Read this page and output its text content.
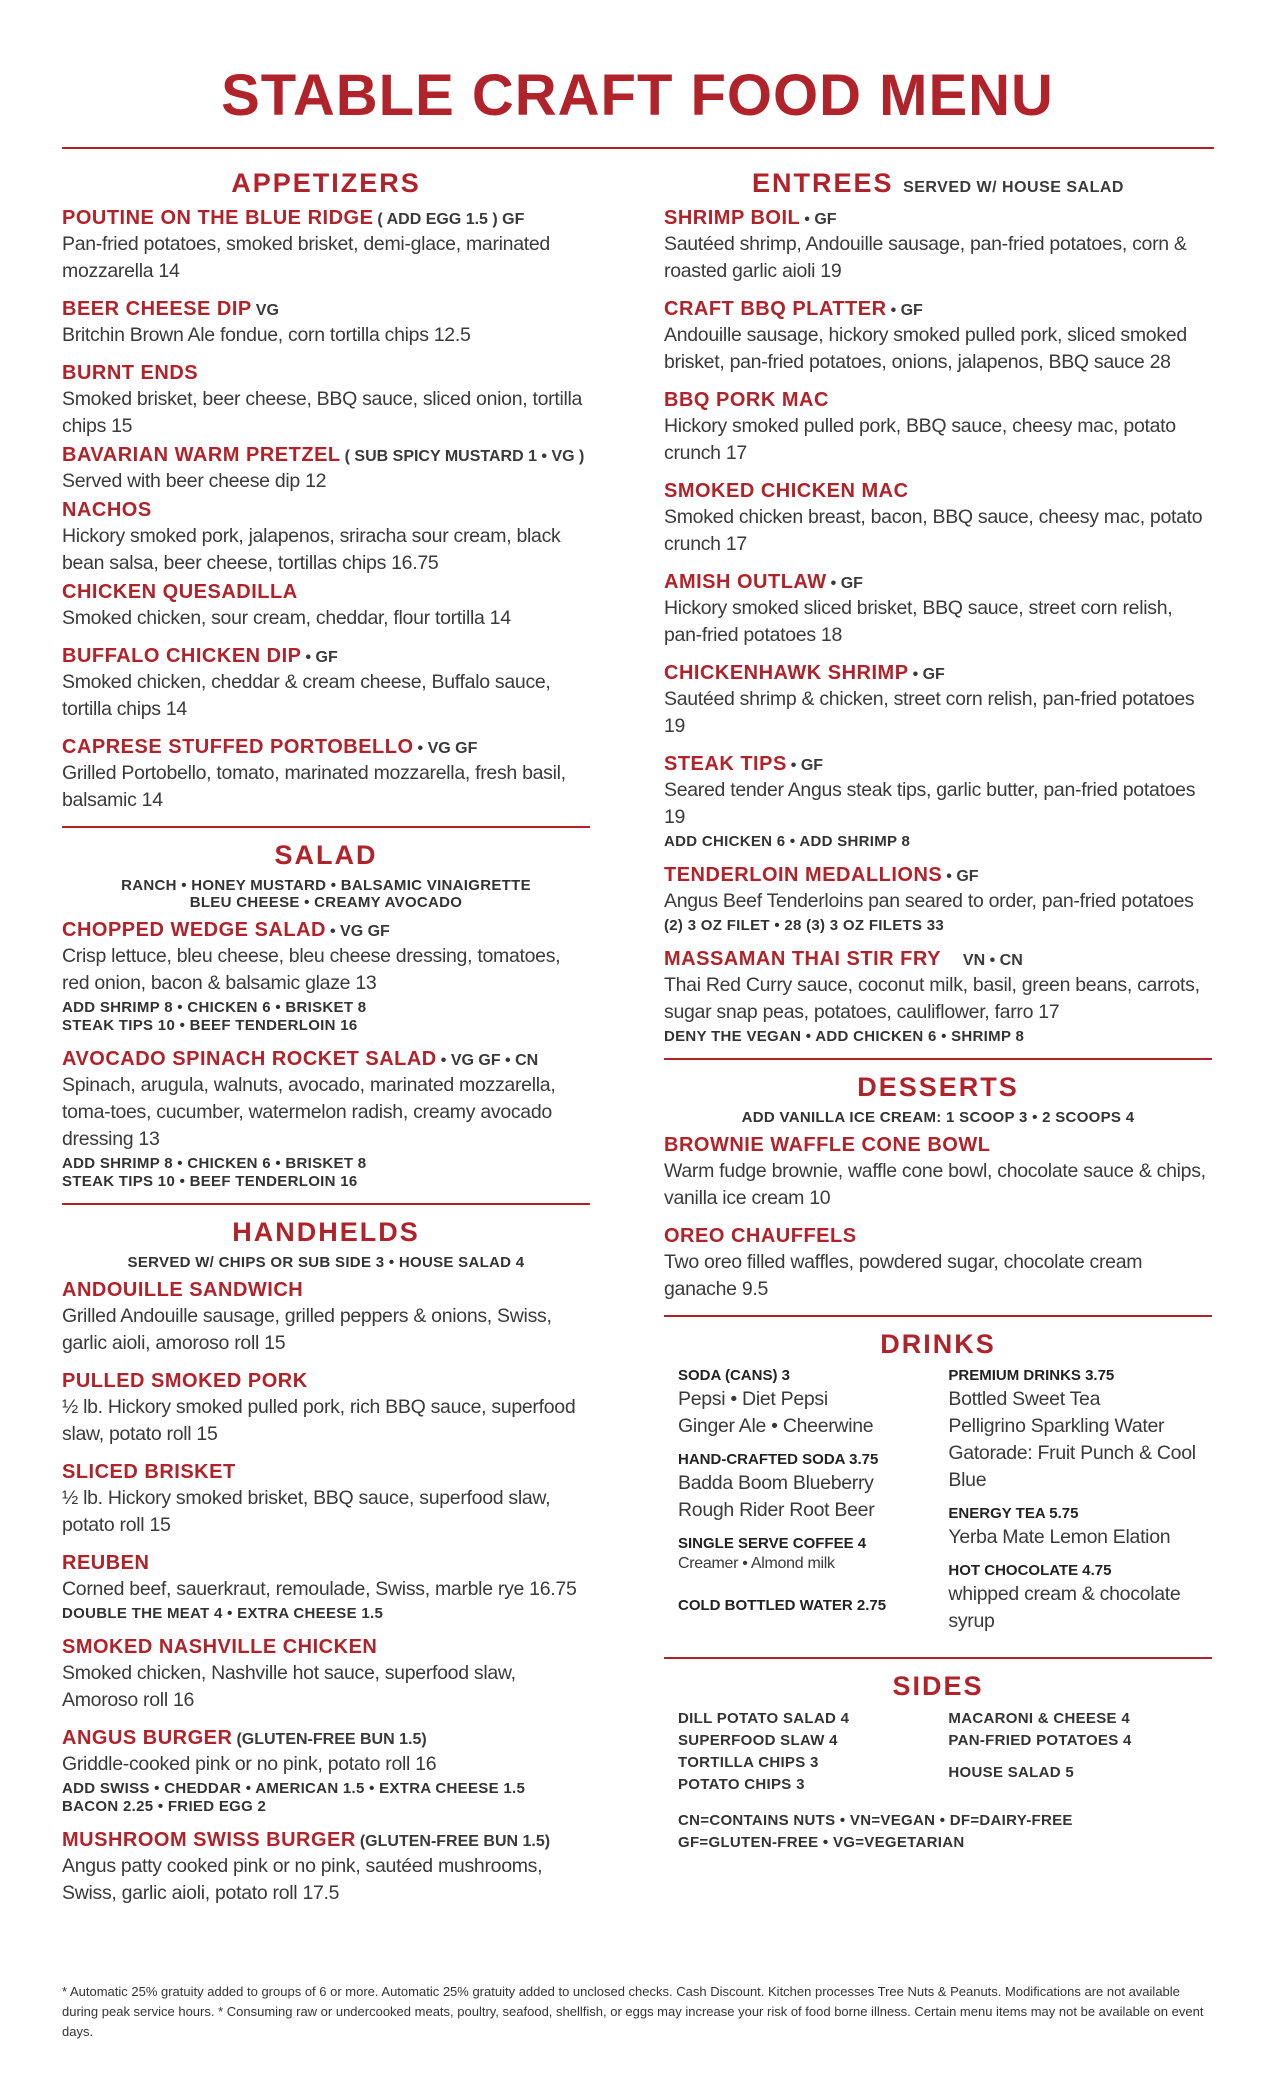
STABLE CRAFT FOOD MENU
APPETIZERS
POUTINE ON THE BLUE RIDGE ( ADD EGG 1.5 ) GF
Pan-fried potatoes, smoked brisket, demi-glace, marinated mozzarella 14
BEER CHEESE DIP VG
Britchin Brown Ale fondue, corn tortilla chips 12.5
BURNT ENDS
Smoked brisket, beer cheese, BBQ sauce, sliced onion, tortilla chips 15
BAVARIAN WARM PRETZEL ( SUB SPICY MUSTARD 1 • VG )
Served with beer cheese dip 12
NACHOS
Hickory smoked pork, jalapenos, sriracha sour cream, black bean salsa, beer cheese, tortillas chips 16.75
CHICKEN QUESADILLA
Smoked chicken, sour cream, cheddar, flour tortilla 14
BUFFALO CHICKEN DIP • GF
Smoked chicken, cheddar & cream cheese, Buffalo sauce, tortilla chips 14
CAPRESE STUFFED PORTOBELLO • VG GF
Grilled Portobello, tomato, marinated mozzarella, fresh basil, balsamic 14
SALAD
RANCH • HONEY MUSTARD • BALSAMIC VINAIGRETTE
BLEU CHEESE • CREAMY AVOCADO
CHOPPED WEDGE SALAD • VG GF
Crisp lettuce, bleu cheese, bleu cheese dressing, tomatoes, red onion, bacon & balsamic glaze 13
ADD SHRIMP 8 • CHICKEN 6 • BRISKET 8
STEAK TIPS 10 • BEEF TENDERLOIN 16
AVOCADO SPINACH ROCKET SALAD • VG GF • CN
Spinach, arugula, walnuts, avocado, marinated mozzarella, toma-toes, cucumber, watermelon radish, creamy avocado dressing 13
ADD SHRIMP 8 • CHICKEN 6 • BRISKET 8
STEAK TIPS 10 • BEEF TENDERLOIN 16
HANDHELDS
SERVED W/ CHIPS OR SUB SIDE 3 • HOUSE SALAD 4
ANDOUILLE SANDWICH
Grilled Andouille sausage, grilled peppers & onions, Swiss, garlic aioli, amoroso roll 15
PULLED SMOKED PORK
½ lb. Hickory smoked pulled pork, rich BBQ sauce, superfood slaw, potato roll 15
SLICED BRISKET
½ lb. Hickory smoked brisket, BBQ sauce, superfood slaw, potato roll 15
REUBEN
Corned beef, sauerkraut, remoulade, Swiss, marble rye 16.75
DOUBLE THE MEAT 4 • EXTRA CHEESE 1.5
SMOKED NASHVILLE CHICKEN
Smoked chicken, Nashville hot sauce, superfood slaw, Amoroso roll 16
ANGUS BURGER (GLUTEN-FREE BUN 1.5)
Griddle-cooked pink or no pink, potato roll 16
ADD SWISS • CHEDDAR • AMERICAN 1.5 • EXTRA CHEESE 1.5
BACON 2.25 • FRIED EGG 2
MUSHROOM SWISS BURGER (GLUTEN-FREE BUN 1.5)
Angus patty cooked pink or no pink, sautéed mushrooms, Swiss, garlic aioli, potato roll 17.5
ENTREES SERVED W/ HOUSE SALAD
SHRIMP BOIL • GF
Sautéed shrimp, Andouille sausage, pan-fried potatoes, corn & roasted garlic aioli 19
CRAFT BBQ PLATTER • GF
Andouille sausage, hickory smoked pulled pork, sliced smoked brisket, pan-fried potatoes, onions, jalapenos, BBQ sauce 28
BBQ PORK MAC
Hickory smoked pulled pork, BBQ sauce, cheesy mac, potato crunch 17
SMOKED CHICKEN MAC
Smoked chicken breast, bacon, BBQ sauce, cheesy mac, potato crunch 17
AMISH OUTLAW • GF
Hickory smoked sliced brisket, BBQ sauce, street corn relish, pan-fried potatoes 18
CHICKENHAWK SHRIMP • GF
Sautéed shrimp & chicken, street corn relish, pan-fried potatoes 19
STEAK TIPS • GF
Seared tender Angus steak tips, garlic butter, pan-fried potatoes 19
ADD CHICKEN 6 • ADD SHRIMP 8
TENDERLOIN MEDALLIONS • GF
Angus Beef Tenderloins pan seared to order, pan-fried potatoes
(2) 3 OZ FILET • 28 (3) 3 OZ FILETS 33
MASSAMAN THAI STIR FRY VN • CN
Thai Red Curry sauce, coconut milk, basil, green beans, carrots, sugar snap peas, potatoes, cauliflower, farro 17
DENY THE VEGAN • ADD CHICKEN 6 • SHRIMP 8
DESSERTS
ADD VANILLA ICE CREAM: 1 SCOOP 3 • 2 SCOOPS 4
BROWNIE WAFFLE CONE BOWL
Warm fudge brownie, waffle cone bowl, chocolate sauce & chips, vanilla ice cream 10
OREO CHAUFFELS
Two oreo filled waffles, powdered sugar, chocolate cream ganache 9.5
DRINKS
SODA (CANS) 3
Pepsi • Diet Pepsi
Ginger Ale • Cheerwine
HAND-CRAFTED SODA 3.75
Badda Boom Blueberry
Rough Rider Root Beer
SINGLE SERVE COFFEE 4
Creamer • Almond milk
COLD BOTTLED WATER 2.75
PREMIUM DRINKS 3.75
Bottled Sweet Tea
Pelligrino Sparkling Water
Gatorade: Fruit Punch & Cool Blue
ENERGY TEA 5.75
Yerba Mate Lemon Elation
HOT CHOCOLATE 4.75
whipped cream & chocolate syrup
SIDES
DILL POTATO SALAD 4
SUPERFOOD SLAW 4
TORTILLA CHIPS 3
POTATO CHIPS 3
MACARONI & CHEESE 4
PAN-FRIED POTATOES 4
HOUSE SALAD 5
CN=CONTAINS NUTS • VN=VEGAN • DF=DAIRY-FREE
GF=GLUTEN-FREE • VG=VEGETARIAN
* Automatic 25% gratuity added to groups of 6 or more. Automatic 25% gratuity added to unclosed checks. Cash Discount. Kitchen processes Tree Nuts & Peanuts. Modifications are not available during peak service hours. * Consuming raw or undercooked meats, poultry, seafood, shellfish, or eggs may increase your risk of food borne illness. Certain menu items may not be available on event days.
